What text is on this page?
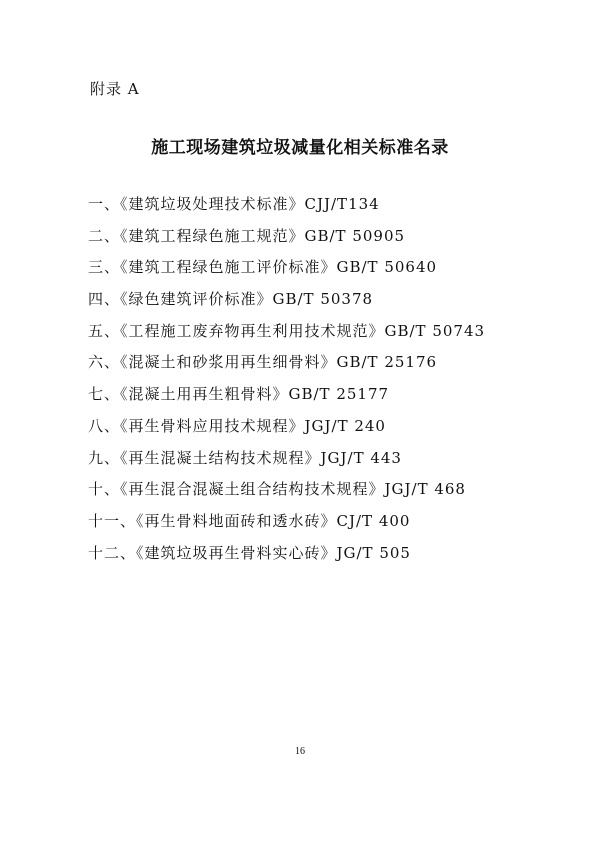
附录 A
施工现场建筑垃圾减量化相关标准名录
一、《建筑垃圾处理技术标准》CJJ/T134
二、《建筑工程绿色施工规范》GB/T 50905
三、《建筑工程绿色施工评价标准》GB/T 50640
四、《绿色建筑评价标准》GB/T 50378
五、《工程施工废弃物再生利用技术规范》GB/T 50743
六、《混凝土和砂浆用再生细骨料》GB/T 25176
七、《混凝土用再生粗骨料》GB/T 25177
八、《再生骨料应用技术规程》JGJ/T 240
九、《再生混凝土结构技术规程》JGJ/T 443
十、《再生混合混凝土组合结构技术规程》JGJ/T 468
十一、《再生骨料地面砖和透水砖》CJ/T 400
十二、《建筑垃圾再生骨料实心砖》JG/T 505
16
